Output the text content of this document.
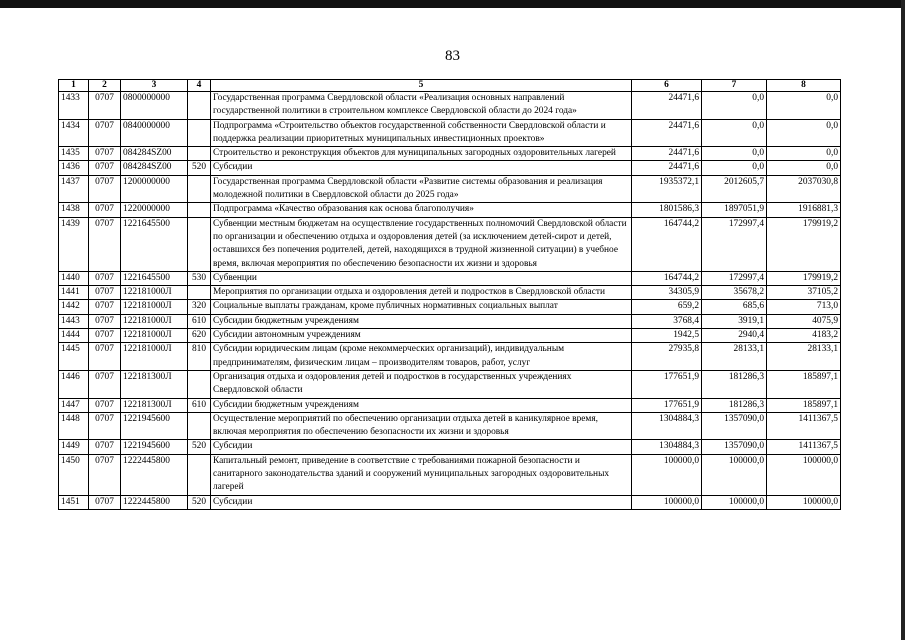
83
1	2	3	4	5	6	7	8
1433	0707	0800000000		Государственная программа Свердловской области «Реализация основных направлений государственной политики в строительном комплексе Свердловской области до 2024 года»	24471,6	0,0	0,0
1434	0707	0840000000		Подпрограмма «Строительство объектов государственной собственности Свердловской области и поддержка реализации приоритетных муниципальных инвестиционных проектов»	24471,6	0,0	0,0
1435	0707	084284SZ00		Строительство и реконструкция объектов для муниципальных загородных оздоровительных лагерей	24471,6	0,0	0,0
1436	0707	084284SZ00	520	Субсидии	24471,6	0,0	0,0
1437	0707	1200000000		Государственная программа Свердловской области «Развитие системы образования и реализация молодежной политики в Свердловской области до 2025 года»	1935372,1	2012605,7	2037030,8
1438	0707	1220000000		Подпрограмма «Качество образования как основа благополучия»	1801586,3	1897051,9	1916881,3
1439	0707	1221645500		Субвенции местным бюджетам на осуществление государственных полномочий Свердловской области по организации и обеспечению отдыха и оздоровления детей (за исключением детей-сирот и детей, оставшихся без попечения родителей, детей, находящихся в трудной жизненной ситуации) в учебное время, включая мероприятия по обеспечению безопасности их жизни и здоровья	164744,2	172997,4	179919,2
1440	0707	1221645500	530	Субвенции	164744,2	172997,4	179919,2
1441	0707	122181000Л		Мероприятия по организации отдыха и оздоровления детей и подростков в Свердловской области	34305,9	35678,2	37105,2
1442	0707	122181000Л	320	Социальные выплаты гражданам, кроме публичных нормативных социальных выплат	659,2	685,6	713,0
1443	0707	122181000Л	610	Субсидии бюджетным учреждениям	3768,4	3919,1	4075,9
1444	0707	122181000Л	620	Субсидии автономным учреждениям	1942,5	2940,4	4183,2
1445	0707	122181000Л	810	Субсидии юридическим лицам (кроме некоммерческих организаций), индивидуальным предпринимателям, физическим лицам – производителям товаров, работ, услуг	27935,8	28133,1	28133,1
1446	0707	122181300Л		Организация отдыха и оздоровления детей и подростков в государственных учреждениях Свердловской области	177651,9	181286,3	185897,1
1447	0707	122181300Л	610	Субсидии бюджетным учреждениям	177651,9	181286,3	185897,1
1448	0707	1221945600		Осуществление мероприятий по обеспечению организации отдыха детей в каникулярное время, включая мероприятия по обеспечению безопасности их жизни и здоровья	1304884,3	1357090,0	1411367,5
1449	0707	1221945600	520	Субсидии	1304884,3	1357090,0	1411367,5
1450	0707	1222445800		Капитальный ремонт, приведение в соответствие с требованиями пожарной безопасности и санитарного законодательства зданий и сооружений муниципальных загородных оздоровительных лагерей	100000,0	100000,0	100000,0
1451	0707	1222445800	520	Субсидии	100000,0	100000,0	100000,0
